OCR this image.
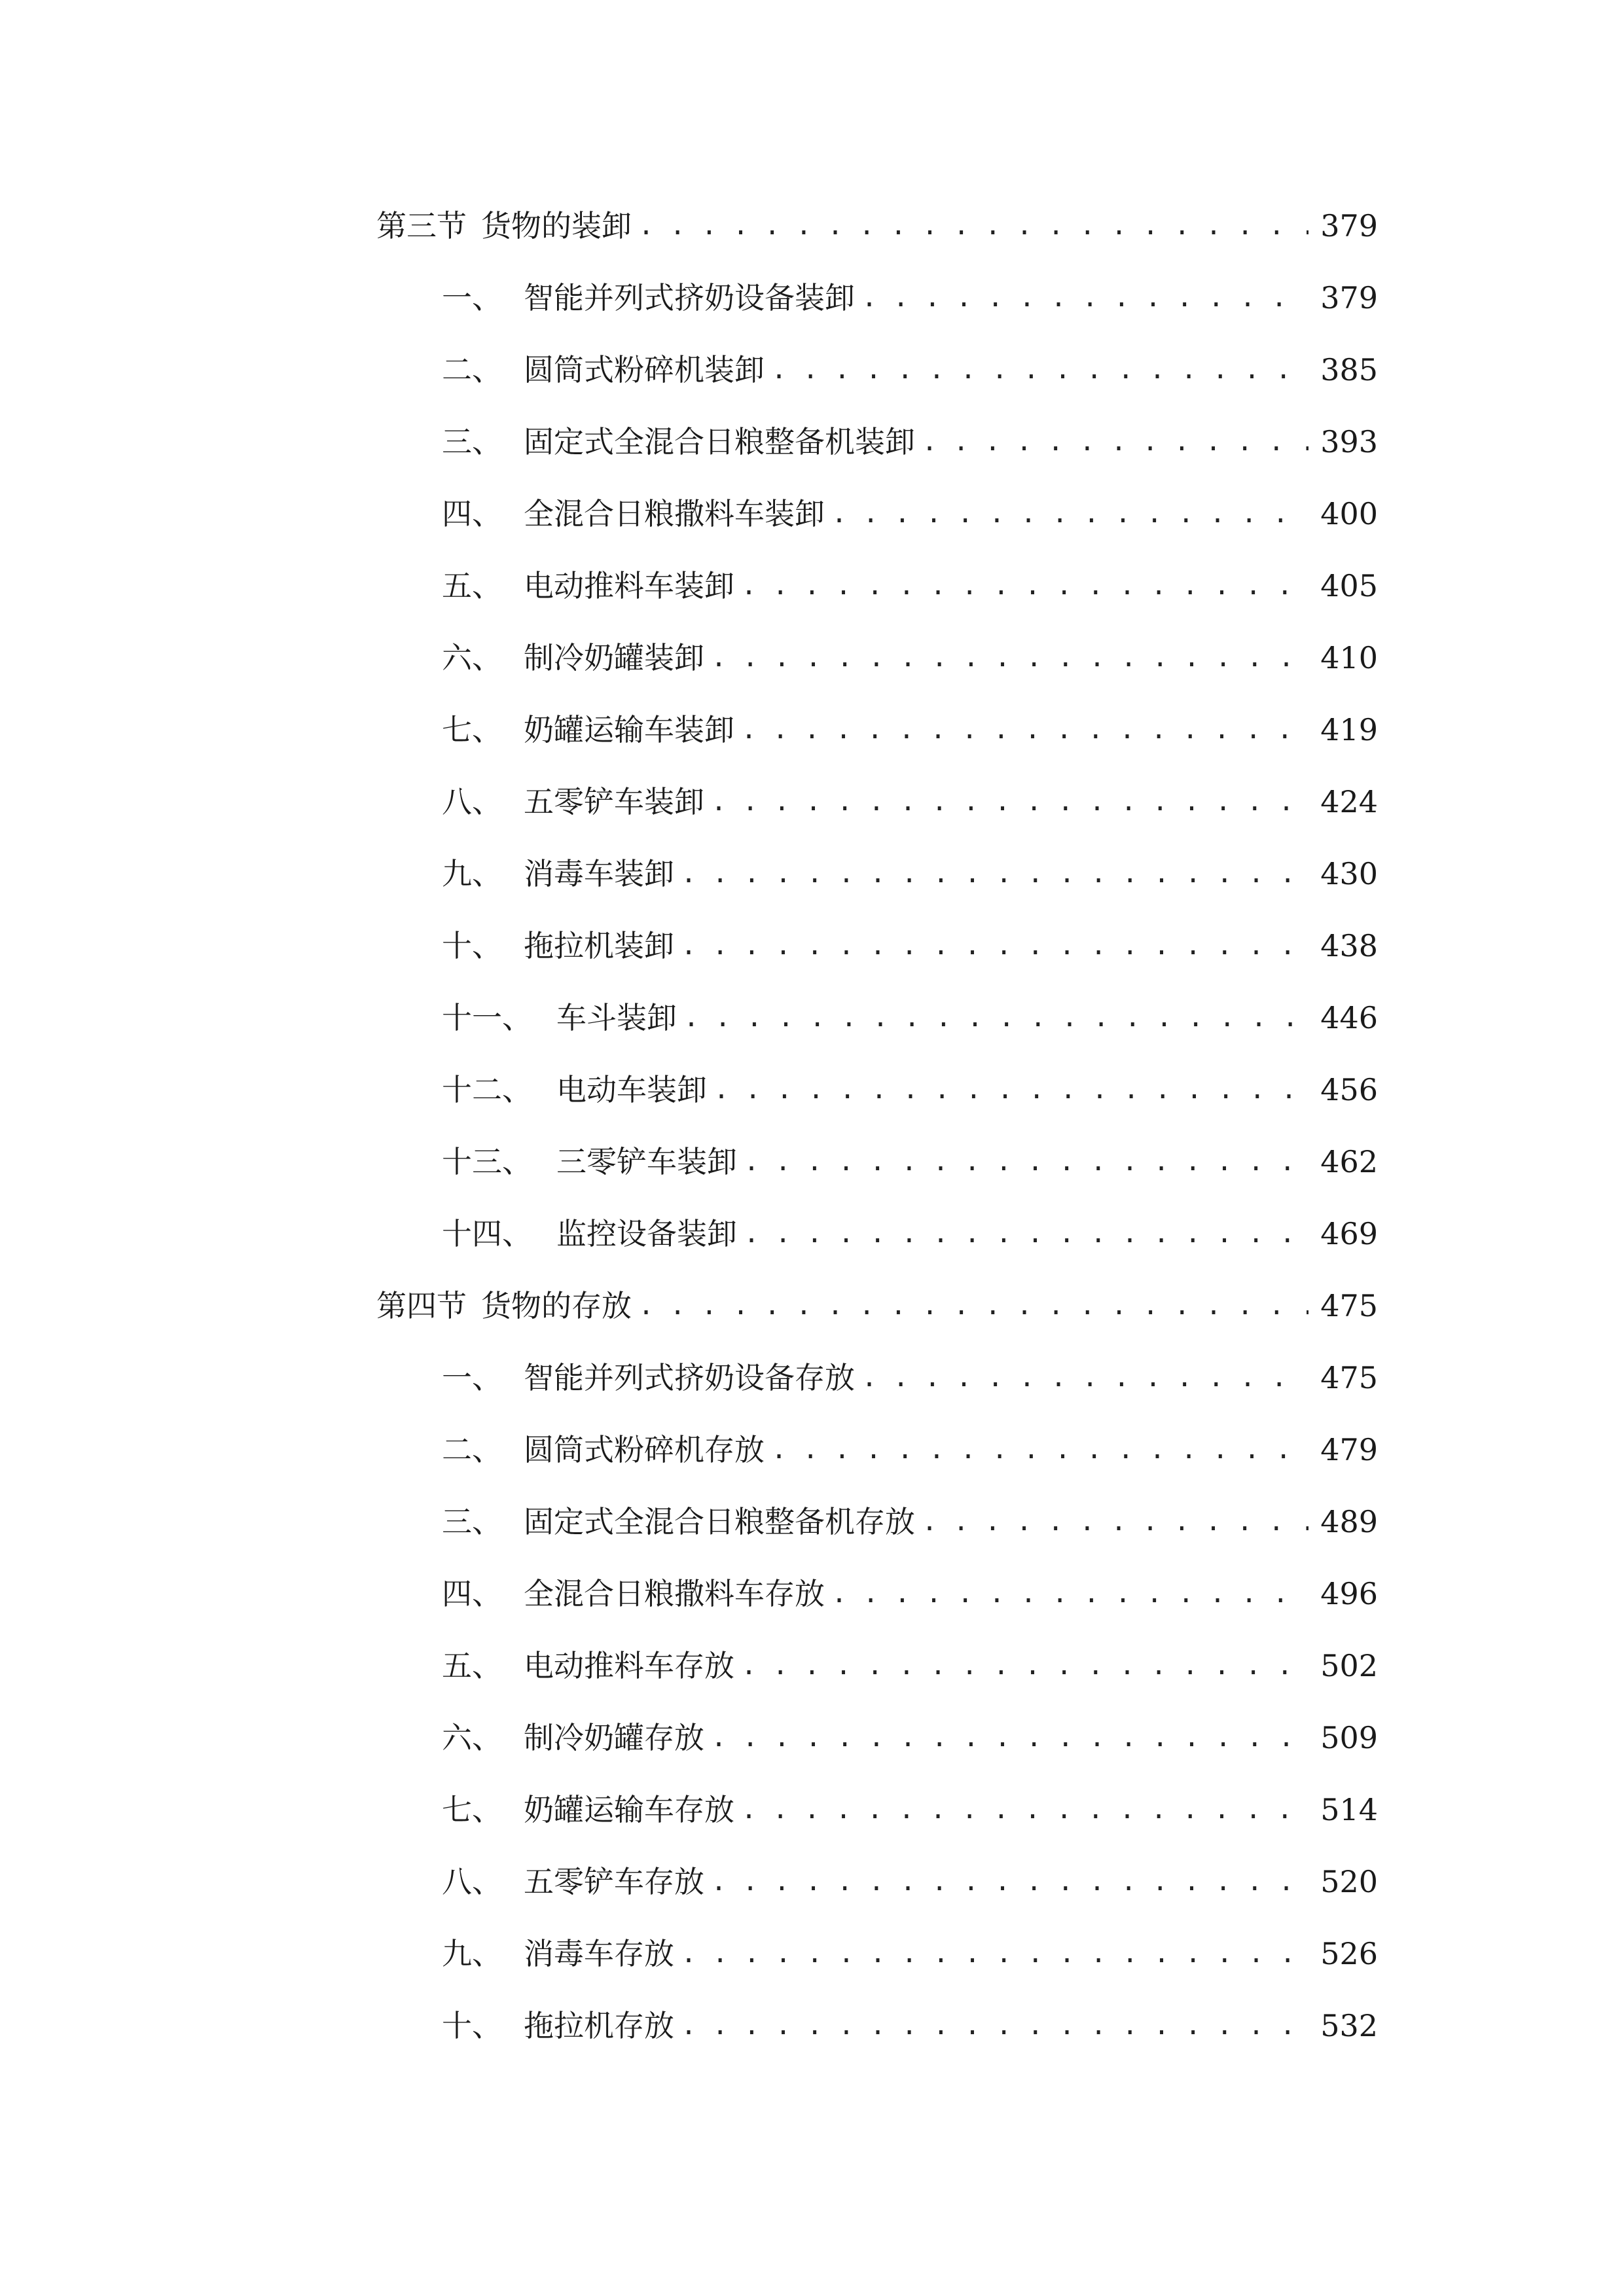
第三节 货物的装卸 . . .	379
一、 智能并列式挤奶设备装卸 . . .	379
二、 圆筒式粉碎机装卸 . . .	385
三、 固定式全混合日粮整备机装卸 . . .	393
四、 全混合日粮撒料车装卸 . . .	400
五、 电动推料车装卸 . . .	405
六、 制冷奶罐装卸 . . .	410
七、 奶罐运输车装卸 . . .	419
八、 五零铲车装卸 . . .	424
九、 消毒车装卸 . . .	430
十、 拖拉机装卸 . . .	438
十一、 车斗装卸 . . .	446
十二、 电动车装卸 . . .	456
十三、 三零铲车装卸 . . .	462
十四、 监控设备装卸 . . .	469
第四节 货物的存放 . . .	475
一、 智能并列式挤奶设备存放 . . .	475
二、 圆筒式粉碎机存放 . . .	479
三、 固定式全混合日粮整备机存放 . . .	489
四、 全混合日粮撒料车存放 . . .	496
五、 电动推料车存放 . . .	502
六、 制冷奶罐存放 . . .	509
七、 奶罐运输车存放 . . .	514
八、 五零铲车存放 . . .	520
九、 消毒车存放 . . .	526
十、 拖拉机存放 . . .	532
